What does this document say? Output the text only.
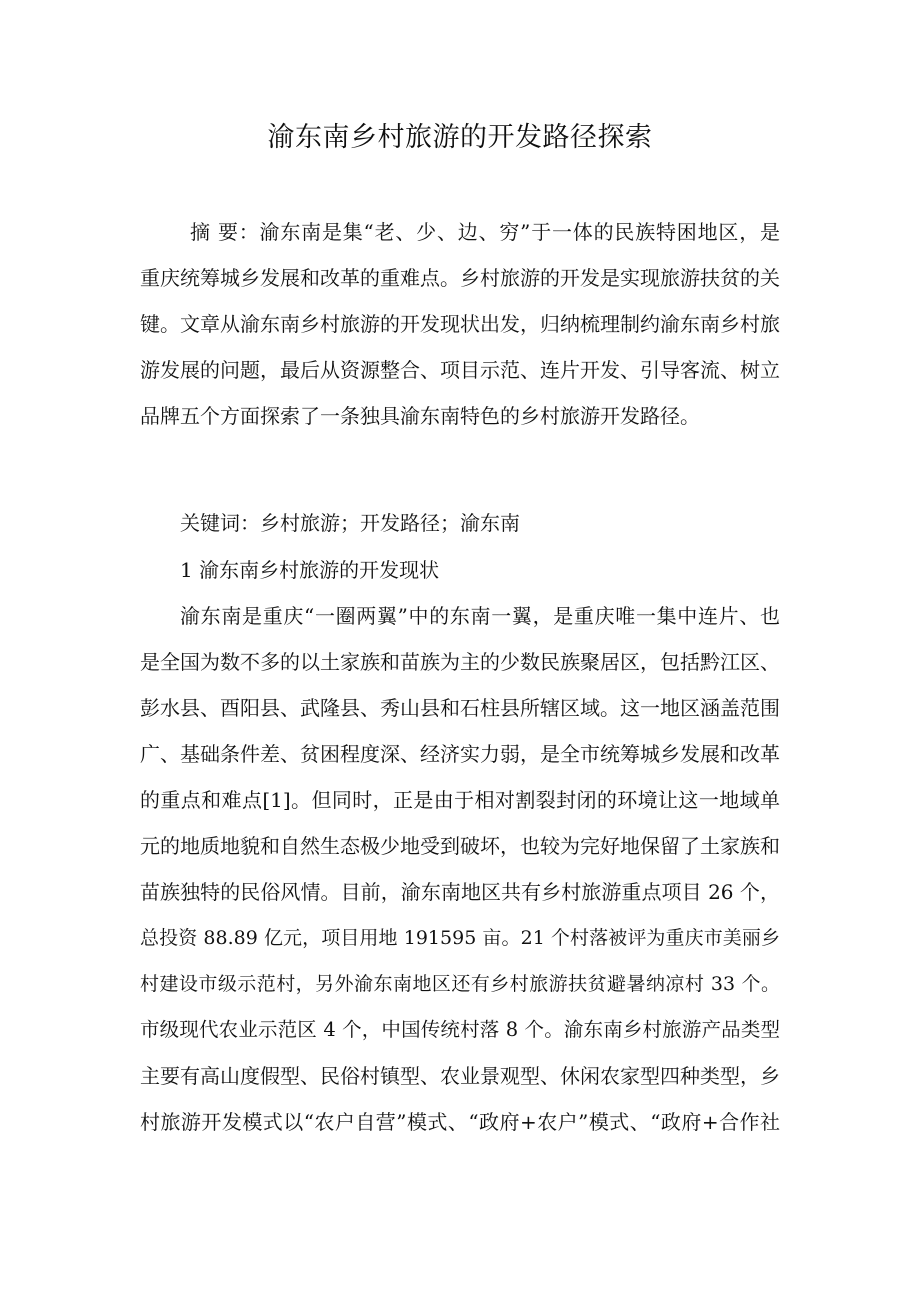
渝东南乡村旅游的开发路径探索
摘 要：渝东南是集“老、少、边、穷”于一体的民族特困地区，是
重庆统筹城乡发展和改革的重难点。乡村旅游的开发是实现旅游扶贫的关
键。文章从渝东南乡村旅游的开发现状出发，归纳梳理制约渝东南乡村旅
游发展的问题，最后从资源整合、项目示范、连片开发、引导客流、树立
品牌五个方面探索了一条独具渝东南特色的乡村旅游开发路径。
关键词：乡村旅游；开发路径；渝东南
1 渝东南乡村旅游的开发现状
渝东南是重庆“一圈两翼”中的东南一翼，是重庆唯一集中连片、也
是全国为数不多的以土家族和苗族为主的少数民族聚居区，包括黔江区、
彭水县、酉阳县、武隆县、秀山县和石柱县所辖区域。这一地区涵盖范围
广、基础条件差、贫困程度深、经济实力弱，是全市统筹城乡发展和改革
的重点和难点[1]。但同时，正是由于相对割裂封闭的环境让这一地域单
元的地质地貌和自然生态极少地受到破坏，也较为完好地保留了土家族和
苗族独特的民俗风情。目前，渝东南地区共有乡村旅游重点项目 26 个，
总投资 88.89 亿元，项目用地 191595 亩。21 个村落被评为重庆市美丽乡
村建设市级示范村，另外渝东南地区还有乡村旅游扶贫避暑纳凉村 33 个。
市级现代农业示范区 4 个，中国传统村落 8 个。渝东南乡村旅游产品类型
主要有高山度假型、民俗村镇型、农业景观型、休闲农家型四种类型，乡
村旅游开发模式以“农户自营”模式、“政府+农户”模式、“政府+合作社
